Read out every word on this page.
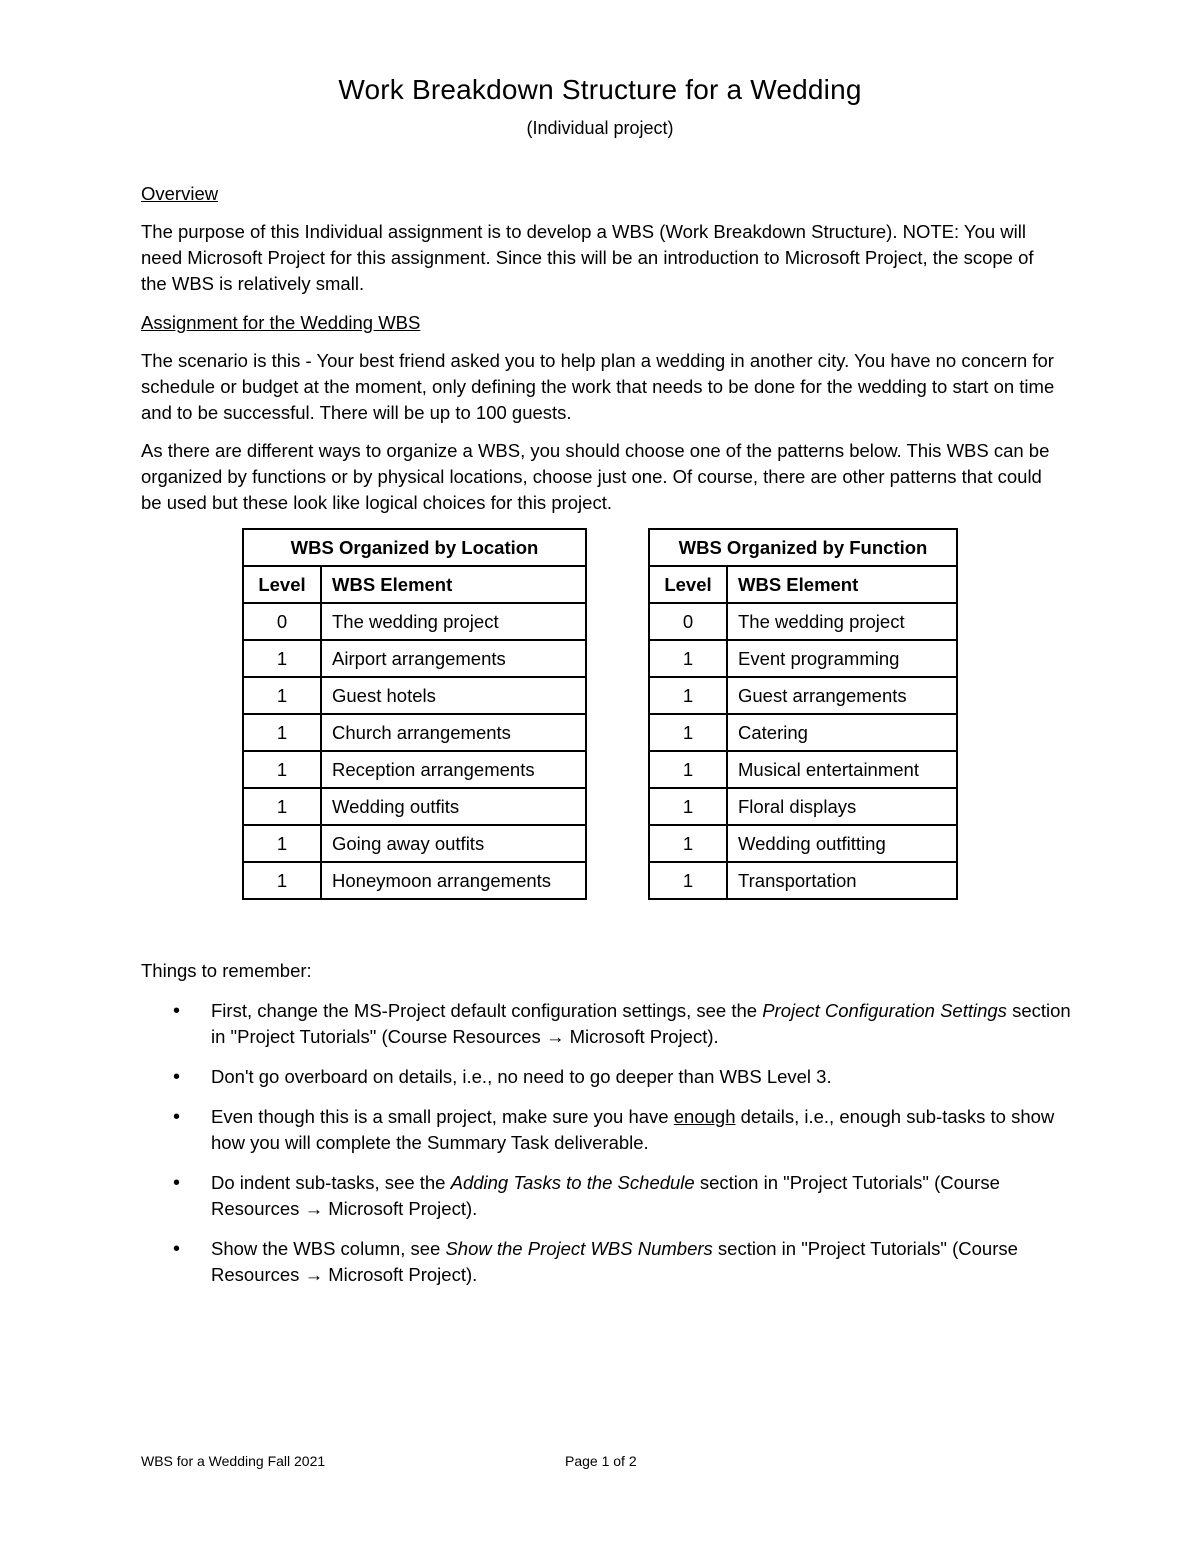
Work Breakdown Structure for a Wedding
(Individual project)

Overview

The purpose of this Individual assignment is to develop a WBS (Work Breakdown Structure). NOTE: You will need Microsoft Project for this assignment. Since this will be an introduction to Microsoft Project, the scope of the WBS is relatively small.

Assignment for the Wedding WBS

The scenario is this - Your best friend asked you to help plan a wedding in another city. You have no concern for schedule or budget at the moment, only defining the work that needs to be done for the wedding to start on time and to be successful. There will be up to 100 guests.

As there are different ways to organize a WBS, you should choose one of the patterns below. This WBS can be organized by functions or by physical locations, choose just one. Of course, there are other patterns that could be used but these look like logical choices for this project.

WBS Organized by Location	
Level	WBS Element
0	The wedding project
1	Airport arrangements
1	Guest hotels
1	Church arrangements
1	Reception arrangements
1	Wedding outfits
1	Going away outfits
1	Honeymoon arrangements
WBS Organized by Function	
Level	WBS Element
0	The wedding project
1	Event programming
1	Guest arrangements
1	Catering
1	Musical entertainment
1	Floral displays
1	Wedding outfitting
1	Transportation
Things to remember:
• First, change the MS-Project default configuration settings, see the Project Configuration Settings section in "Project Tutorials" (Course Resources → Microsoft Project).
• Don't go overboard on details, i.e., no need to go deeper than WBS Level 3.
• Even though this is a small project, make sure you have enough details, i.e., enough sub-tasks to show how you will complete the Summary Task deliverable.
• Do indent sub-tasks, see the Adding Tasks to the Schedule section in "Project Tutorials" (Course Resources → Microsoft Project).
• Show the WBS column, see Show the Project WBS Numbers section in "Project Tutorials" (Course Resources → Microsoft Project).
WBS for a Wedding Fall 2021	Page 1 of 2
